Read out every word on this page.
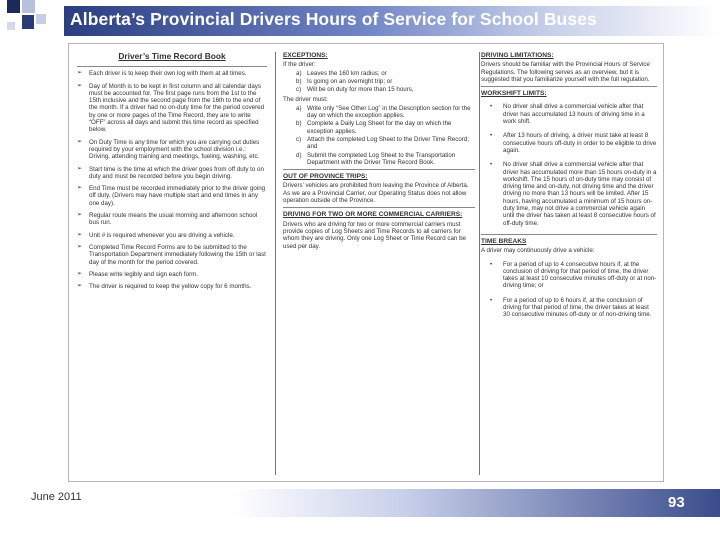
Alberta’s Provincial Drivers Hours of Service for School Buses
Driver’s Time Record Book
➢ Each driver is to keep their own log with them at all times.
➢ Day of Month is to be kept in first column and all calendar days must be accounted for. The first page runs from the 1st to the 15th inclusive and the second page from the 16th to the end of the month. If a driver had no on-duty time for the period covered by one or more pages of the Time Record, they are to write “OFF” across all days and submit this time record as specified below.
➢ On Duty Time is any time for which you are carrying out duties required by your employment with the school division i.e.: Driving, attending training and meetings, fueling, washing, etc.
➢ Start time is the time at which the driver goes from off duty to on duty and must be recorded before you begin driving.
➢ End Time must be recorded immediately prior to the driver going off duty. (Drivers may have multiple start and end times in any one day).
➢ Regular route means the usual morning and afternoon school bus run.
➢ Unit # is required whenever you are driving a vehicle.
➢ Completed Time Record Forms are to be submitted to the Transportation Department immediately following the 15th or last day of the month for the period covered.
➢ Please write legibly and sign each form.
➢ The driver is required to keep the yellow copy for 6 months.
EXCEPTIONS:
If the driver:
a) Leaves the 160 km radius; or
b) Is going on an overnight trip; or
c) Will be on duty for more than 15 hours,
The driver must:
a) Write only “See Other Log” in the Description section for the day on which the exception applies.
b) Complete a Daily Log Sheet for the day on which the exception applies.
c) Attach the completed Log Sheet to the Driver Time Record; and
d) Submit the completed Log Sheet to the Transportation Department with the Driver Time Record Book.
OUT OF PROVINCE TRIPS:
Drivers’ vehicles are prohibited from leaving the Province of Alberta. As we are a Provincial Carrier, our Operating Status does not allow operation outside of the Province.
DRIVING FOR TWO OR MORE COMMERCIAL CARRIERS:
Drivers who are driving for two or more commercial carriers must provide copies of Log Sheets and Time Records to all carriers for whom they are driving. Only one Log Sheet or Time Record can be used per day.
DRIVING LIMITATIONS:
Drivers should be familiar with the Provincial Hours of Service Regulations. The following serves as an overview, but it is suggested that you familiarize yourself with the full regulation.
WORKSHIFT LIMITS:
• No driver shall drive a commercial vehicle after that driver has accumulated 13 hours of driving time in a work shift.
• After 13 hours of driving, a driver must take at least 8 consecutive hours off-duty in order to be eligible to drive again.
• No driver shall drive a commercial vehicle after that driver has accumulated more than 15 hours on-duty in a workshift. The 15 hours of on-duty time may consist of driving time and on-duty, not driving time and the driver driving no more than 13 hours will be limited. After 15 hours, having accumulated a minimum of 15 hours on-duty time, may not drive a commercial vehicle again until the driver has taken at least 8 consecutive hours of off-duty time.
TIME BREAKS
A driver may continuously drive a vehicle:
• For a period of up to 4 consecutive hours if, at the conclusion of driving for that period of time, the driver takes at least 10 consecutive minutes off-duty or at non-driving time; or
• For a period of up to 6 hours if, at the conclusion of driving for that period of time, the driver takes at least 30 consecutive minutes off-duty or of non-driving time.
June 2011	93
